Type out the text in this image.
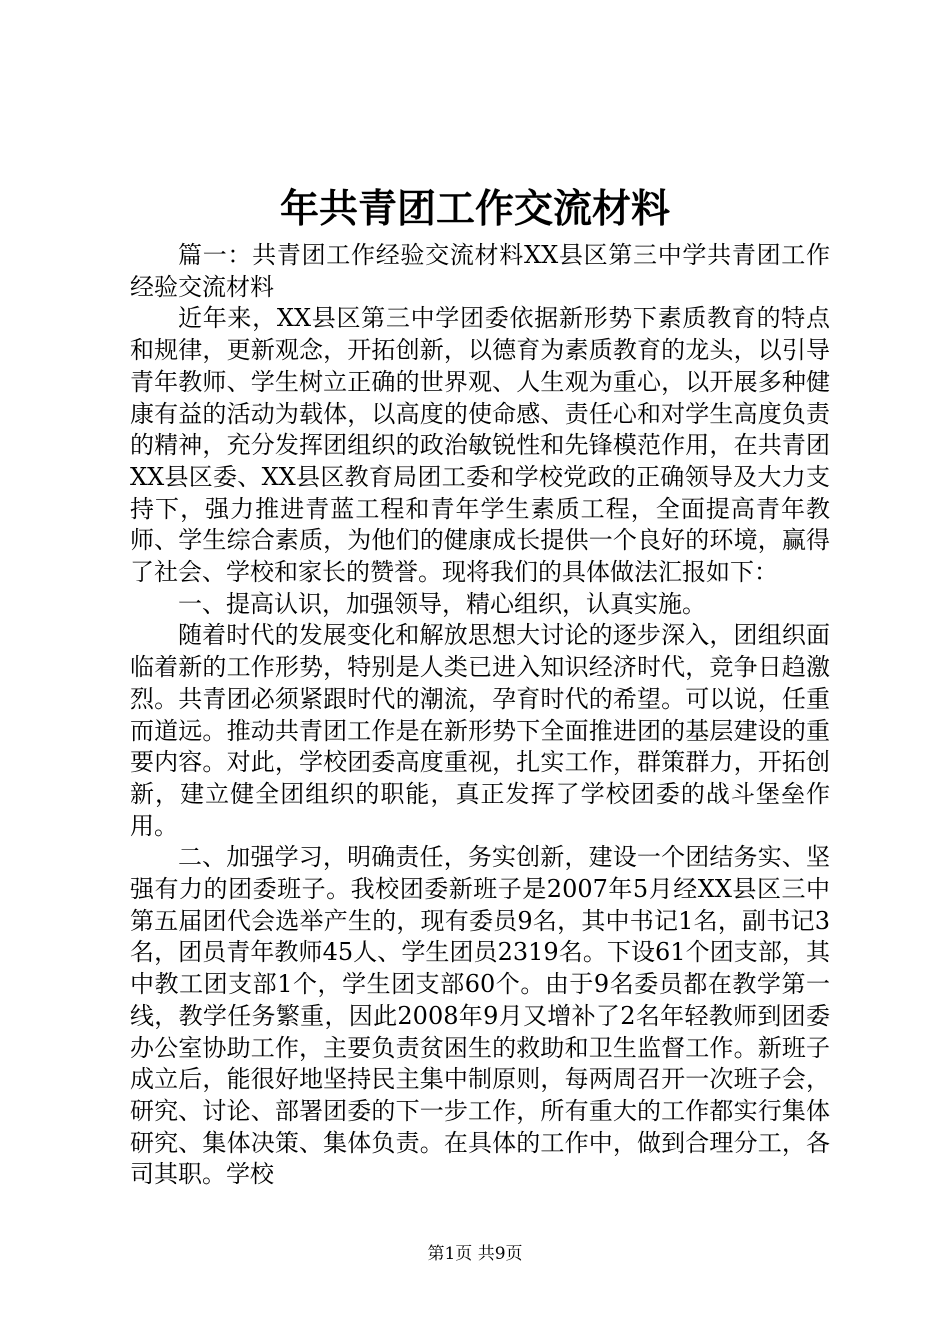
年共青团工作交流材料

篇一：共青团工作经验交流材料XX县区第三中学共青团工作经验交流材料

近年来，XX县区第三中学团委依据新形势下素质教育的特点和规律，更新观念，开拓创新，以德育为素质教育的龙头，以引导青年教师、学生树立正确的世界观、人生观为重心，以开展多种健康有益的活动为载体，以高度的使命感、责任心和对学生高度负责的精神，充分发挥团组织的政治敏锐性和先锋模范作用，在共青团XX县区委、XX县区教育局团工委和学校党政的正确领导及大力支持下，强力推进青蓝工程和青年学生素质工程，全面提高青年教师、学生综合素质，为他们的健康成长提供一个良好的环境，赢得了社会、学校和家长的赞誉。现将我们的具体做法汇报如下：

一、提高认识，加强领导，精心组织，认真实施。

随着时代的发展变化和解放思想大讨论的逐步深入，团组织面临着新的工作形势，特别是人类已进入知识经济时代，竞争日趋激烈。共青团必须紧跟时代的潮流，孕育时代的希望。可以说，任重而道远。推动共青团工作是在新形势下全面推进团的基层建设的重要内容。对此，学校团委高度重视，扎实工作，群策群力，开拓创新，建立健全团组织的职能，真正发挥了学校团委的战斗堡垒作用。

二、加强学习，明确责任，务实创新，建设一个团结务实、坚强有力的团委班子。我校团委新班子是2007年5月经XX县区三中第五届团代会选举产生的，现有委员9名，其中书记1名，副书记3名，团员青年教师45人、学生团员2319名。下设61个团支部，其中教工团支部1个，学生团支部60个。由于9名委员都在教学第一线，教学任务繁重，因此2008年9月又增补了2名年轻教师到团委办公室协助工作，主要负责贫困生的救助和卫生监督工作。新班子成立后，能很好地坚持民主集中制原则，每两周召开一次班子会，研究、讨论、部署团委的下一步工作，所有重大的工作都实行集体研究、集体决策、集体负责。在具体的工作中，做到合理分工，各司其职。学校

第1页 共9页
